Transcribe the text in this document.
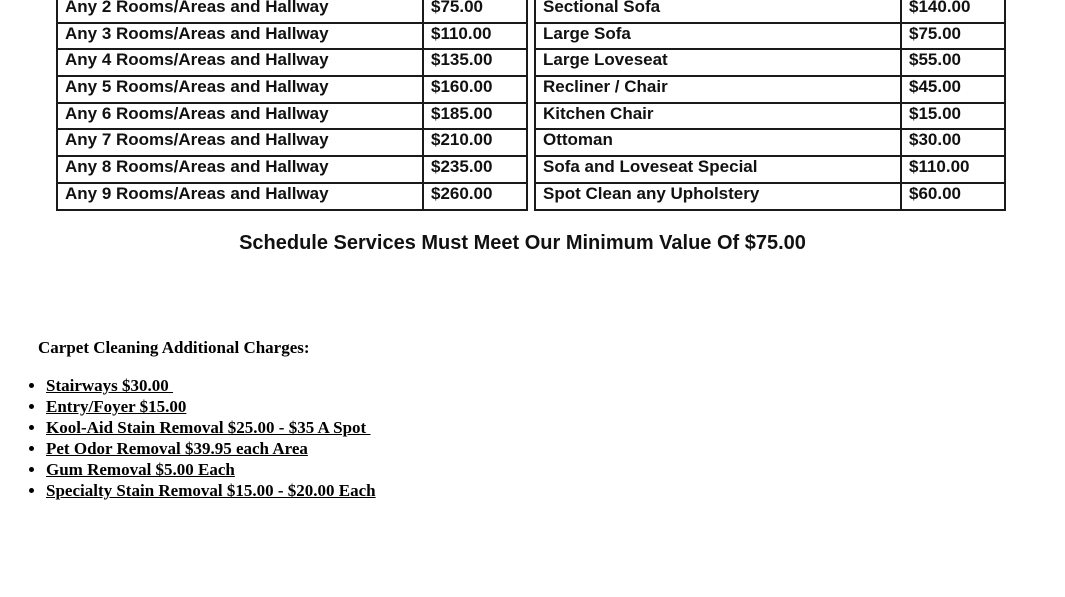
Any 2 Rooms/Areas and Hallway	$75.00
Any 3 Rooms/Areas and Hallway	$110.00
Any 4 Rooms/Areas and Hallway	$135.00
Any 5 Rooms/Areas and Hallway	$160.00
Any 6 Rooms/Areas and Hallway	$185.00
Any 7 Rooms/Areas and Hallway	$210.00
Any 8 Rooms/Areas and Hallway	$235.00
Any 9 Rooms/Areas and Hallway	$260.00
Sectional Sofa	$140.00
Large Sofa	$75.00
Large Loveseat	$55.00
Recliner / Chair	$45.00
Kitchen Chair	$15.00
Ottoman	$30.00
Sofa and Loveseat Special	$110.00
Spot Clean any Upholstery	$60.00
Schedule Services Must Meet Our Minimum Value Of $75.00
Carpet Cleaning Additional Charges:
• Stairways $30.00
• Entry/Foyer $15.00
• Kool-Aid Stain Removal $25.00 - $35 A Spot
• Pet Odor Removal $39.95 each Area
• Gum Removal $5.00 Each
• Specialty Stain Removal $15.00 - $20.00 Each
